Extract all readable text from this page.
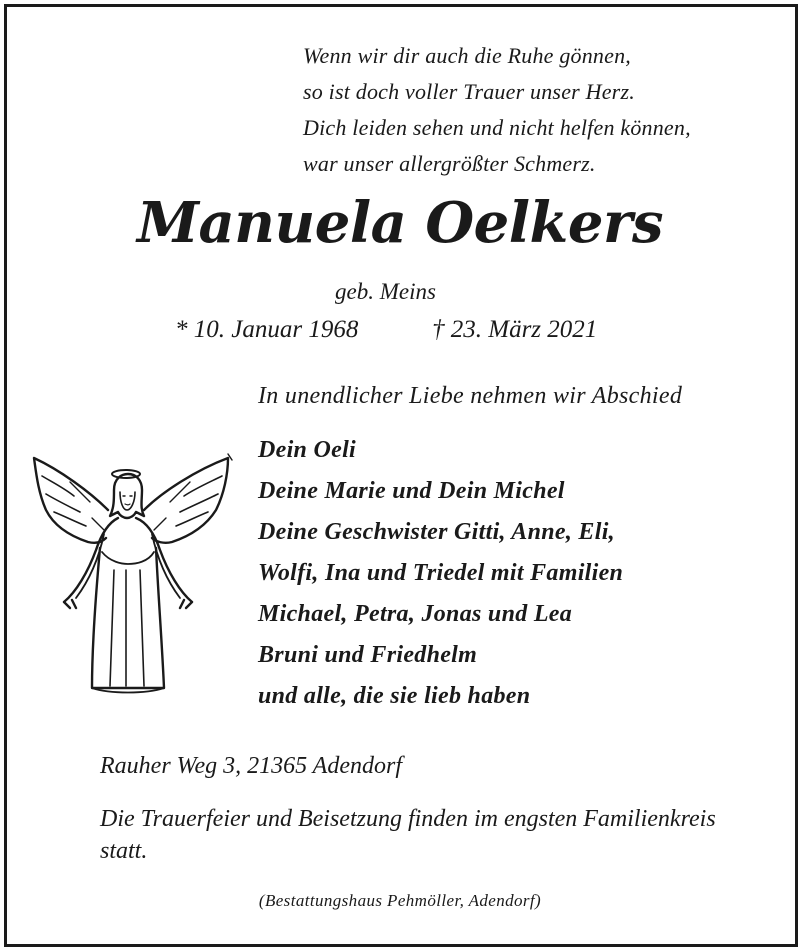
Wenn wir dir auch die Ruhe gönnen,
so ist doch voller Trauer unser Herz.
Dich leiden sehen und nicht helfen können,
war unser allergrößter Schmerz.
Manuela Oelkers
geb. Meins
* 10. Januar 1968	† 23. März 2021
In unendlicher Liebe nehmen wir Abschied
Dein Oeli
Deine Marie und Dein Michel
Deine Geschwister Gitti, Anne, Eli,
Wolfi, Ina und Triedel mit Familien
Michael, Petra, Jonas und Lea
Bruni und Friedhelm
und alle, die sie lieb haben
Rauher Weg 3, 21365 Adendorf
Die Trauerfeier und Beisetzung finden im engsten Familienkreis statt.
(Bestattungshaus Pehmöller, Adendorf)
